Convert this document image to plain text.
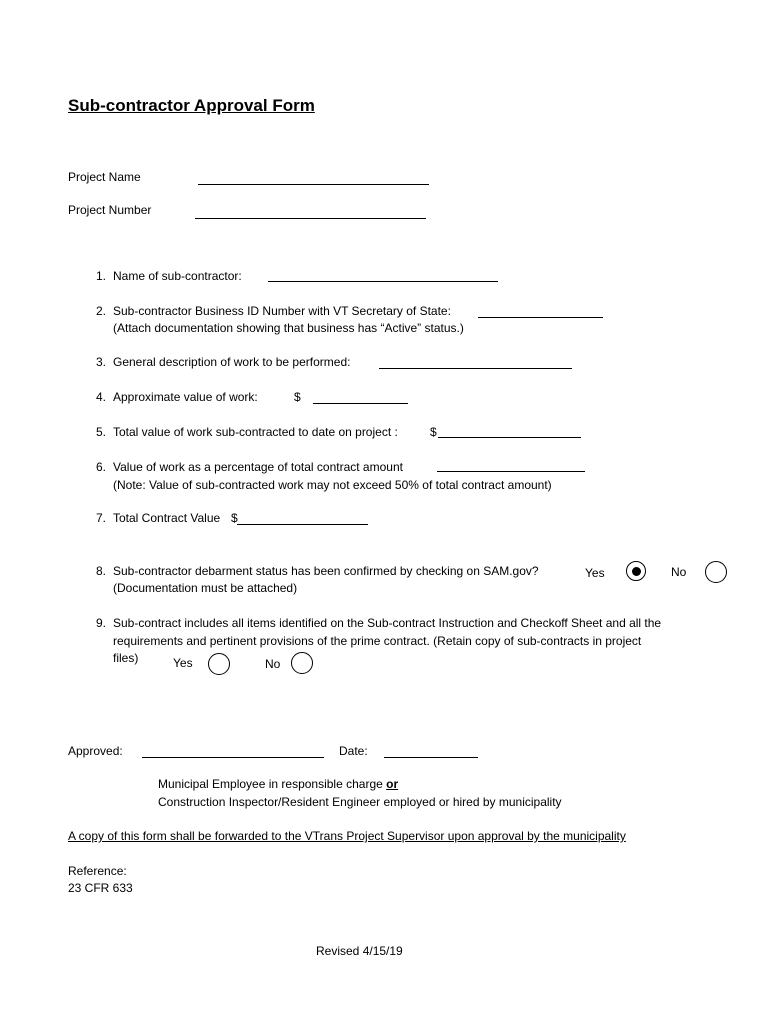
Sub-contractor Approval Form
Project Name
Project Number
1. Name of sub-contractor:
2. Sub-contractor Business ID Number with VT Secretary of State:
(Attach documentation showing that business has “Active” status.)
3. General description of work to be performed:
4. Approximate value of work:	$
5. Total value of work sub-contracted to date on project :	$
6. Value of work as a percentage of total contract amount
(Note: Value of sub-contracted work may not exceed 50% of total contract amount)
7. Total Contract Value $
8. Sub-contractor debarment status has been confirmed by checking on SAM.gov?
(Documentation must be attached)
Yes	No
9. Sub-contract includes all items identified on the Sub-contract Instruction and Checkoff Sheet and all the
requirements and pertinent provisions of the prime contract. (Retain copy of sub-contracts in project
files)	Yes	No
Approved:	Date:
Municipal Employee in responsible charge or
Construction Inspector/Resident Engineer employed or hired by municipality
A copy of this form shall be forwarded to the VTrans Project Supervisor upon approval by the municipality
Reference:
23 CFR 633
Revised 4/15/19
